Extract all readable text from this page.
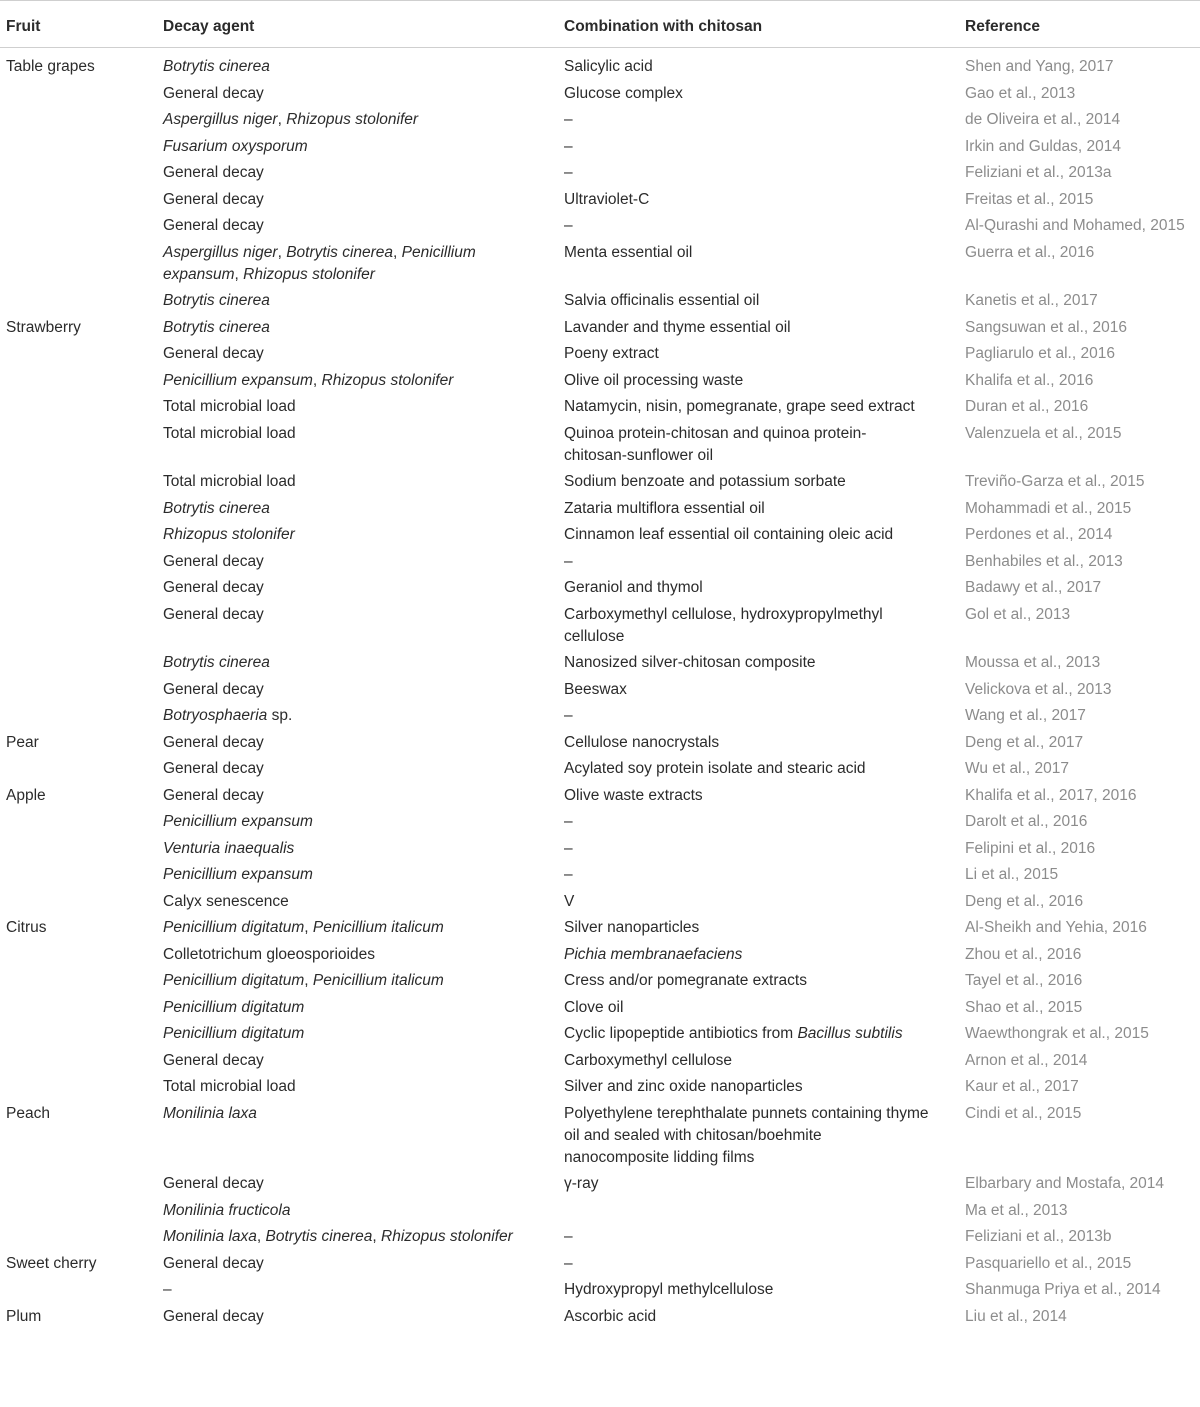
Fruit	Decay agent	Combination with chitosan	Reference
Table grapes	Botrytis cinerea	Salicylic acid	Shen and Yang, 2017
	General decay	Glucose complex	Gao et al., 2013
	Aspergillus niger, Rhizopus stolonifer	–	de Oliveira et al., 2014
	Fusarium oxysporum	–	Irkin and Guldas, 2014
	General decay	–	Feliziani et al., 2013a
	General decay	Ultraviolet-C	Freitas et al., 2015
	General decay	–	Al-Qurashi and Mohamed, 2015
	Aspergillus niger, Botrytis cinerea, Penicillium expansum, Rhizopus stolonifer	Menta essential oil	Guerra et al., 2016
	Botrytis cinerea	Salvia officinalis essential oil	Kanetis et al., 2017
Strawberry	Botrytis cinerea	Lavander and thyme essential oil	Sangsuwan et al., 2016
	General decay	Poeny extract	Pagliarulo et al., 2016
	Penicillium expansum, Rhizopus stolonifer	Olive oil processing waste	Khalifa et al., 2016
	Total microbial load	Natamycin, nisin, pomegranate, grape seed extract	Duran et al., 2016
	Total microbial load	Quinoa protein-chitosan and quinoa protein-chitosan-sunflower oil	Valenzuela et al., 2015
	Total microbial load	Sodium benzoate and potassium sorbate	Treviño-Garza et al., 2015
	Botrytis cinerea	Zataria multiflora essential oil	Mohammadi et al., 2015
	Rhizopus stolonifer	Cinnamon leaf essential oil containing oleic acid	Perdones et al., 2014
	General decay	–	Benhabiles et al., 2013
	General decay	Geraniol and thymol	Badawy et al., 2017
	General decay	Carboxymethyl cellulose, hydroxypropylmethyl cellulose	Gol et al., 2013
	Botrytis cinerea	Nanosized silver-chitosan composite	Moussa et al., 2013
	General decay	Beeswax	Velickova et al., 2013
	Botryosphaeria sp.	–	Wang et al., 2017
Pear	General decay	Cellulose nanocrystals	Deng et al., 2017
	General decay	Acylated soy protein isolate and stearic acid	Wu et al., 2017
Apple	General decay	Olive waste extracts	Khalifa et al., 2017, 2016
	Penicillium expansum	–	Darolt et al., 2016
	Venturia inaequalis	–	Felipini et al., 2016
	Penicillium expansum	–	Li et al., 2015
	Calyx senescence	V	Deng et al., 2016
Citrus	Penicillium digitatum, Penicillium italicum	Silver nanoparticles	Al-Sheikh and Yehia, 2016
	Colletotrichum gloeosporioides	Pichia membranaefaciens	Zhou et al., 2016
	Penicillium digitatum, Penicillium italicum	Cress and/or pomegranate extracts	Tayel et al., 2016
	Penicillium digitatum	Clove oil	Shao et al., 2015
	Penicillium digitatum	Cyclic lipopeptide antibiotics from Bacillus subtilis	Waewthongrak et al., 2015
	General decay	Carboxymethyl cellulose	Arnon et al., 2014
	Total microbial load	Silver and zinc oxide nanoparticles	Kaur et al., 2017
Peach	Monilinia laxa	Polyethylene terephthalate punnets containing thyme oil and sealed with chitosan/boehmite nanocomposite lidding films	Cindi et al., 2015
	General decay	γ-ray	Elbarbary and Mostafa, 2014
	Monilinia fructicola		Ma et al., 2013
	Monilinia laxa, Botrytis cinerea, Rhizopus stolonifer	–	Feliziani et al., 2013b
Sweet cherry	General decay	–	Pasquariello et al., 2015
	–	Hydroxypropyl methylcellulose	Shanmuga Priya et al., 2014
Plum	General decay	Ascorbic acid	Liu et al., 2014
